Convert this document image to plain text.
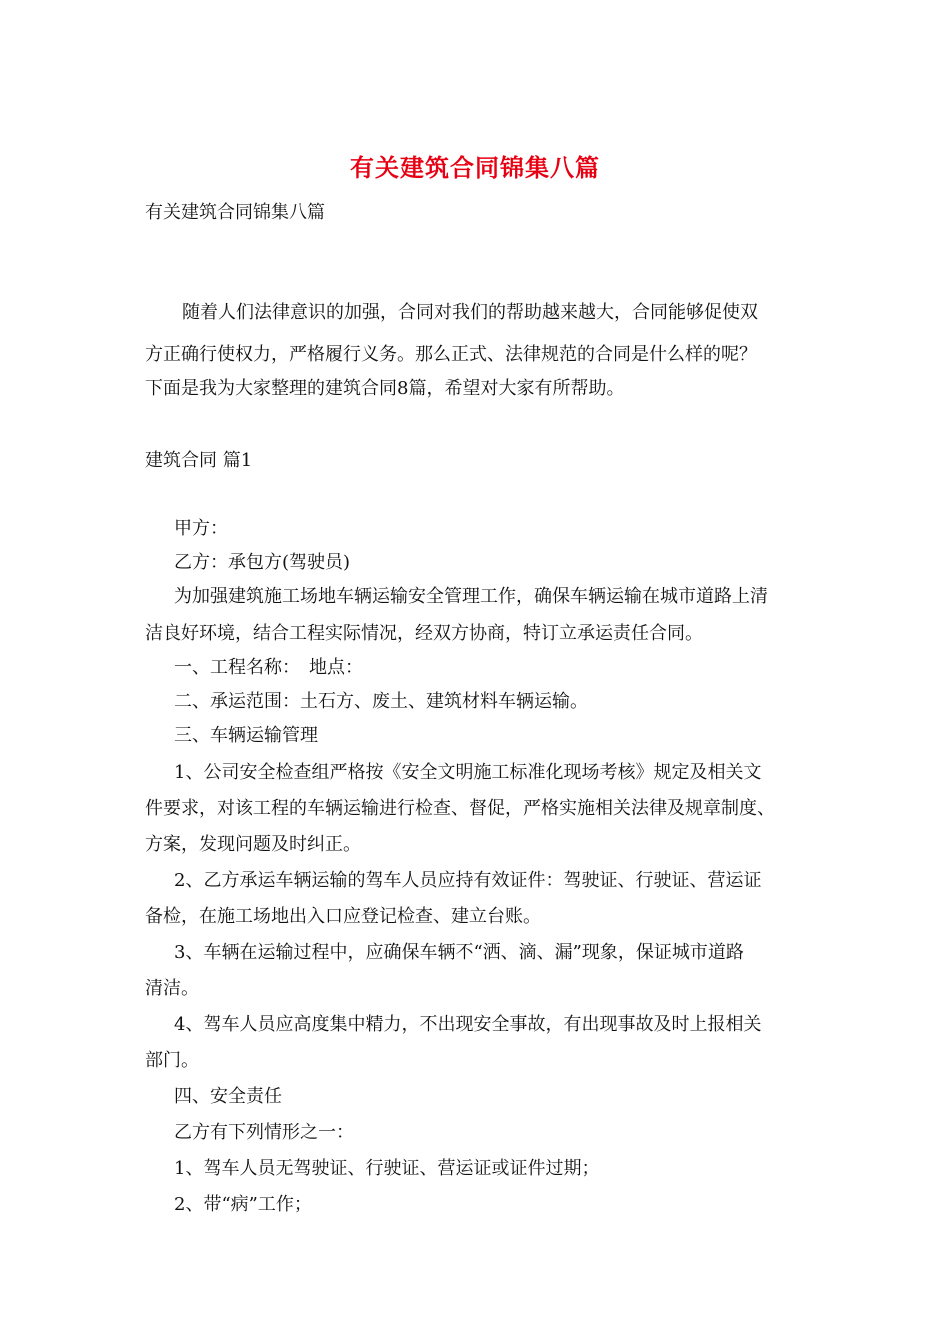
有关建筑合同锦集八篇
有关建筑合同锦集八篇
随着人们法律意识的加强，合同对我们的帮助越来越大，合同能够促使双
方正确行使权力，严格履行义务。那么正式、法律规范的合同是什么样的呢？
下面是我为大家整理的建筑合同8篇，希望对大家有所帮助。
建筑合同 篇1
甲方：
乙方：承包方(驾驶员)
为加强建筑施工场地车辆运输安全管理工作，确保车辆运输在城市道路上清
洁良好环境，结合工程实际情况，经双方协商，特订立承运责任合同。
一、工程名称：　地点：
二、承运范围：土石方、废土、建筑材料车辆运输。
三、车辆运输管理
1、公司安全检查组严格按《安全文明施工标准化现场考核》规定及相关文
件要求，对该工程的车辆运输进行检查、督促，严格实施相关法律及规章制度、
方案，发现问题及时纠正。
2、乙方承运车辆运输的驾车人员应持有效证件：驾驶证、行驶证、营运证
备检，在施工场地出入口应登记检查、建立台账。
3、车辆在运输过程中，应确保车辆不“洒、滴、漏”现象，保证城市道路
清洁。
4、驾车人员应高度集中精力，不出现安全事故，有出现事故及时上报相关
部门。
四、安全责任
乙方有下列情形之一：
1、驾车人员无驾驶证、行驶证、营运证或证件过期；
2、带“病”工作；
